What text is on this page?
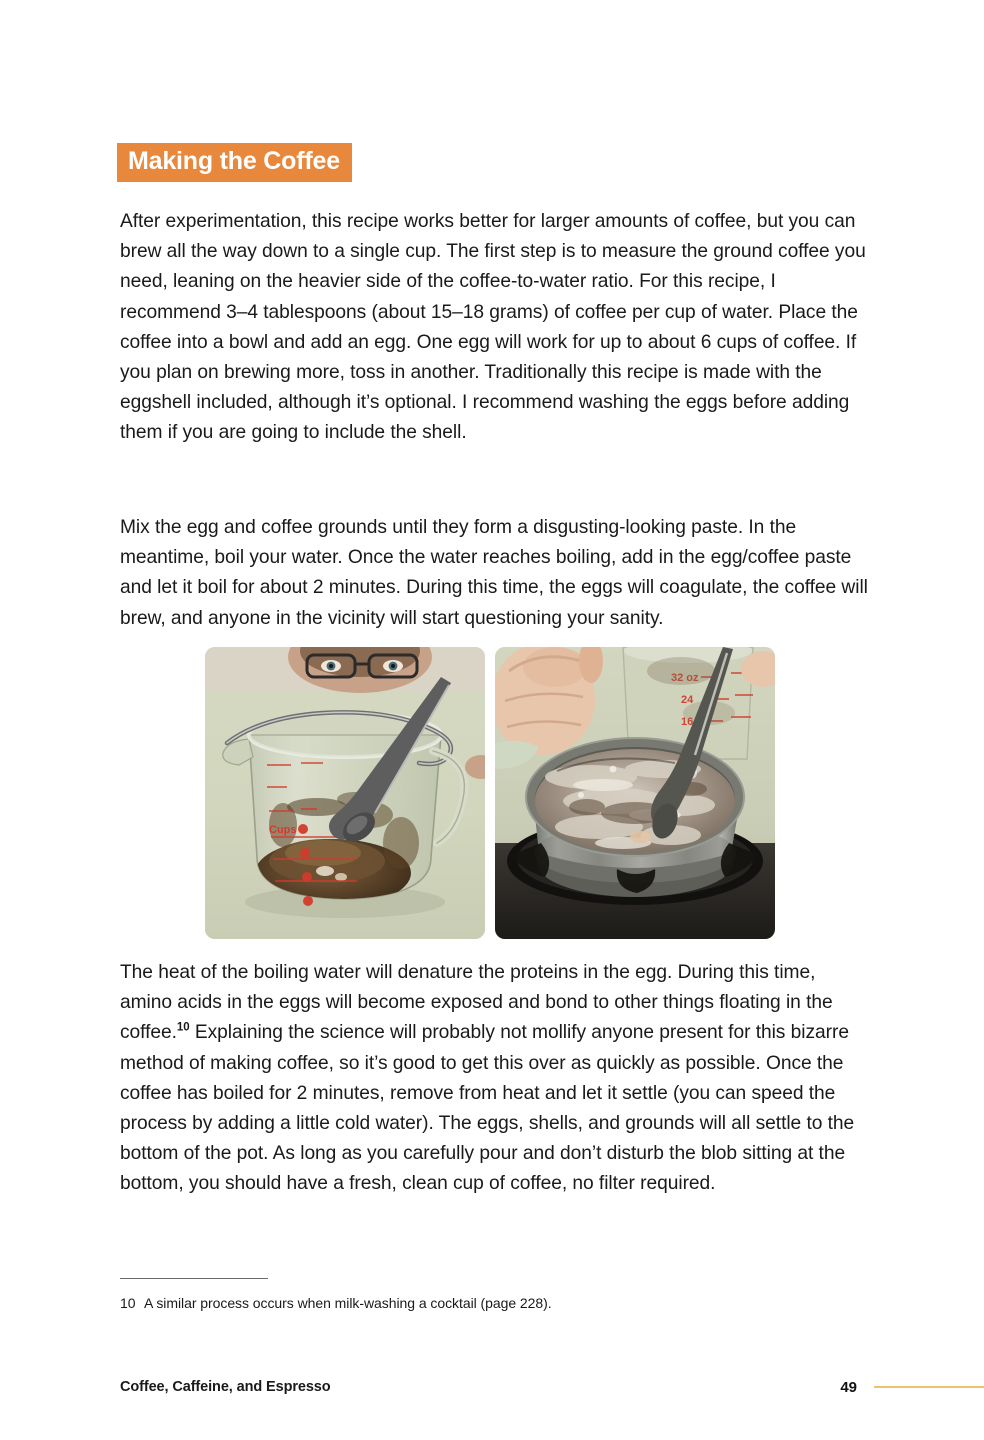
Making the Coffee

After experimentation, this recipe works better for larger amounts of coffee, but you can brew all the way down to a single cup. The first step is to measure the ground coffee you need, leaning on the heavier side of the coffee-to-water ratio. For this recipe, I recommend 3–4 tablespoons (about 15–18 grams) of coffee per cup of water. Place the coffee into a bowl and add an egg. One egg will work for up to about 6 cups of coffee. If you plan on brewing more, toss in another. Traditionally this recipe is made with the eggshell included, although it’s optional. I recommend washing the eggs before adding them if you are going to include the shell.

Mix the egg and coffee grounds until they form a disgusting-looking paste. In the meantime, boil your water. Once the water reaches boiling, add in the egg/coffee paste and let it boil for about 2 minutes. During this time, the eggs will coagulate, the coffee will brew, and anyone in the vicinity will start questioning your sanity.

Cups
32 oz
24
16

The heat of the boiling water will denature the proteins in the egg. During this time, amino acids in the eggs will become exposed and bond to other things floating in the coffee.$^{10}$ Explaining the science will probably not mollify anyone present for this bizarre method of making coffee, so it’s good to get this over as quickly as possible. Once the coffee has boiled for 2 minutes, remove from heat and let it settle (you can speed the process by adding a little cold water). The eggs, shells, and grounds will all settle to the bottom of the pot. As long as you carefully pour and don’t disturb the blob sitting at the bottom, you should have a fresh, clean cup of coffee, no filter required.

10 A similar process occurs when milk-washing a cocktail (page 228).
Coffee, Caffeine, and Espresso	49
